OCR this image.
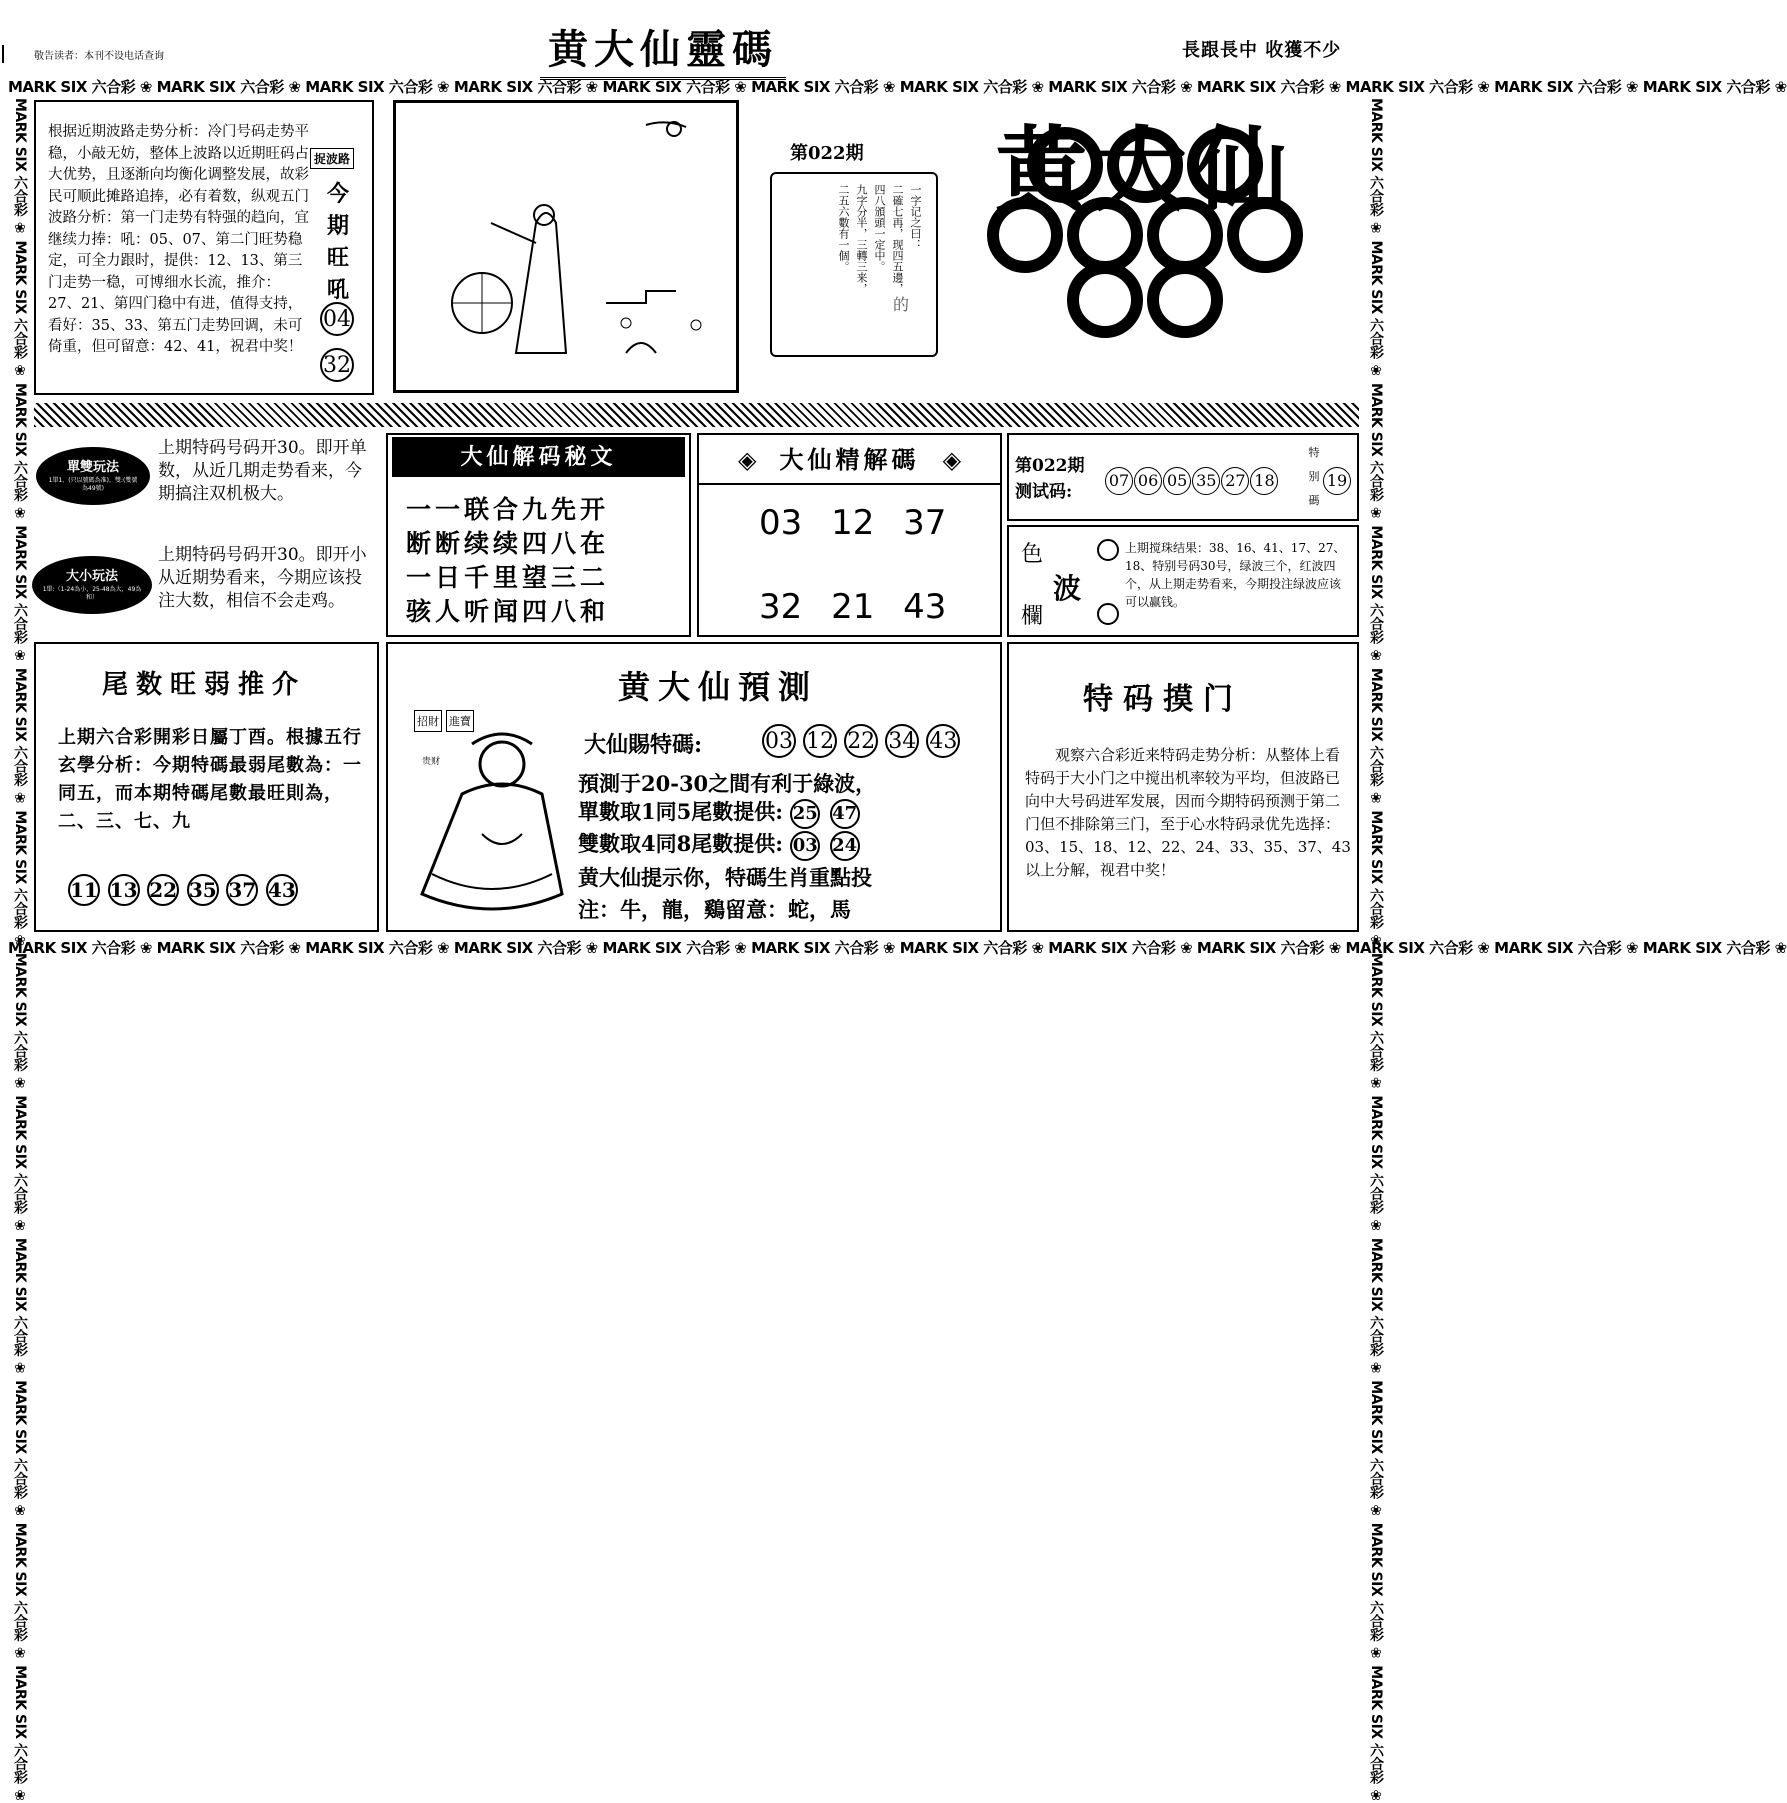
敬告读者：本刊不设电话查询	黄大仙靈碼	長跟長中 收獲不少
MARK SIX 六合彩 ❀ MARK SIX 六合彩 ❀ MARK SIX 六合彩 ❀ MARK SIX 六合彩 ❀ MARK SIX 六合彩 ❀ MARK SIX 六合彩 ❀ MARK SIX 六合彩 ❀ MARK SIX 六合彩 ❀ MARK SIX 六合彩 ❀ MARK SIX 六合彩 ❀ MARK SIX 六合彩 ❀ MARK SIX 六合彩 ❀
MARK SIX 六合彩 ❀ MARK SIX 六合彩 ❀ MARK SIX 六合彩 ❀ MARK SIX 六合彩 ❀ MARK SIX 六合彩 ❀ MARK SIX 六合彩 ❀ MARK SIX 六合彩 ❀ MARK SIX 六合彩 ❀ MARK SIX 六合彩 ❀ MARK SIX 六合彩 ❀ MARK SIX 六合彩 ❀ MARK SIX 六合彩 ❀
MARK SIX 六合彩 ❀ MARK SIX 六合彩 ❀ MARK SIX 六合彩 ❀ MARK SIX 六合彩 ❀ MARK SIX 六合彩 ❀ MARK SIX 六合彩 ❀ MARK SIX 六合彩 ❀ MARK SIX 六合彩 ❀ MARK SIX 六合彩 ❀ MARK SIX 六合彩 ❀ MARK SIX 六合彩 ❀ MARK SIX 六合彩 ❀	MARK SIX 六合彩 ❀ MARK SIX 六合彩 ❀ MARK SIX 六合彩 ❀ MARK SIX 六合彩 ❀ MARK SIX 六合彩 ❀ MARK SIX 六合彩 ❀ MARK SIX 六合彩 ❀ MARK SIX 六合彩 ❀ MARK SIX 六合彩 ❀ MARK SIX 六合彩 ❀ MARK SIX 六合彩 ❀ MARK SIX 六合彩 ❀
根据近期波路走势分析：冷门号码走势平稳，小敲无妨，整体上波路以近期旺码占大优势，且逐渐向均衡化调整发展，故彩民可顺此摊路追捧，必有着数，纵观五门波路分析：第一门走势有特强的趋向，宜继续力捧：吼：05、07、第二门旺势稳定，可全力跟时，提供：12、13、第三门走势一稳，可博细水长流，推介：27、21、第四门稳中有进，值得支持，看好：35、33、第五门走势回调，未可倚重，但可留意：42、41，祝君中奖！
捉波路
今
期
旺
吼
04
32
第022期
一字记之曰：
二確七再，现四五邊，
四八頒頭一定中。
九字分半，三轉三来，
二五六數有一個。
的
黄大仙
單雙玩法
1單1、(只以號碼為准)、雙:(雙號為49號)
上期特码号码开30。即开单数，从近几期走势看来，今期搞注双机极大。
大小玩法
1單:（1-24為小，25-48為大，49為和）
上期特码号码开30。即开小从近期势看来，今期应该投注大数，相信不会走鸡。
大仙解码秘文
一一联合九先开
断断续续四八在
一日千里望三二
骇人听闻四八和
◈ 大仙精解碼 ◈
03 12 37
32 21 43
第022期
测试码:
07 06 05 35 27 18
特
别
碼
19
色
波
欄
上期搅珠结果：38、16、41、17、27、18、特别号码30号，绿波三个，红波四个，从上期走势看来，今期投注绿波应该可以赢钱。
尾数旺弱推介
上期六合彩開彩日屬丁酉。根據五行玄學分析：今期特碼最弱尾數為：一同五，而本期特碼尾數最旺則為，二、三、七、九
11 13 22 35 37 43
黄大仙預測
招財 進寶
贵财
大仙賜特碼:	03 12 22 34 43
預測于20-30之間有利于綠波，
單數取1同5尾數提供: 25 47
雙數取4同8尾數提供: 03 24
黄大仙提示你，特碼生肖重點投
注：牛，龍，鷄留意：蛇，馬
特码摸门
观察六合彩近来特码走势分析：从整体上看特码于大小门之中搅出机率较为平均，但波路已向中大号码进军发展，因而今期特码预测于第二门但不排除第三门，至于心水特码录优先选择：03、15、18、12、22、24、33、35、37、43以上分解，视君中奖！
